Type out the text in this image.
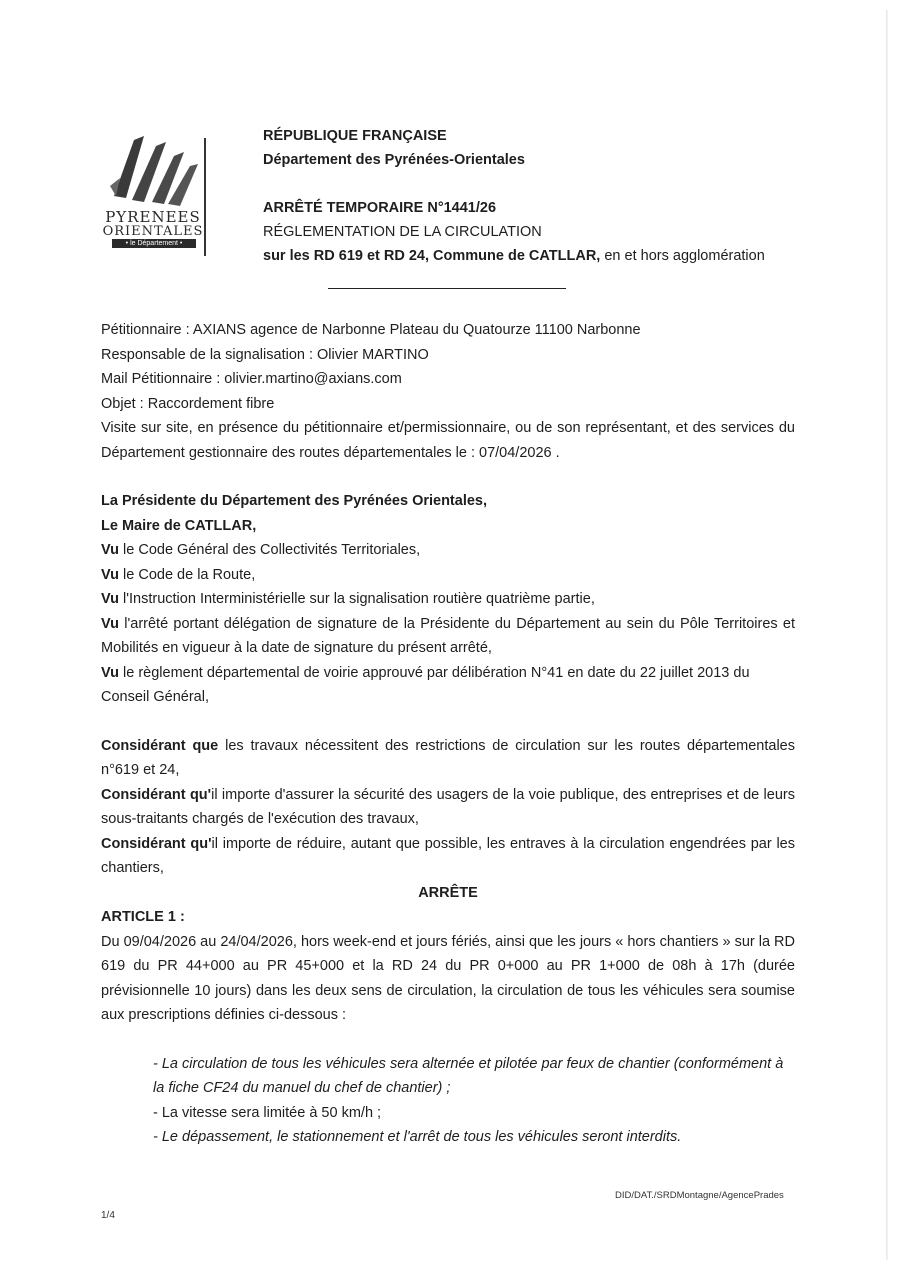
PYRENEES
ORIENTALES
• le Département •
RÉPUBLIQUE FRANÇAISE
Département des Pyrénées-Orientales
ARRÊTÉ TEMPORAIRE N°1441/26
RÉGLEMENTATION DE LA CIRCULATION
sur les RD 619 et RD 24, Commune de CATLLAR, en et hors agglomération

Pétitionnaire : AXIANS agence de Narbonne Plateau du Quatourze 11100 Narbonne

Responsable de la signalisation : Olivier MARTINO

Mail Pétitionnaire : olivier.martino@axians.com

Objet : Raccordement fibre

Visite sur site, en présence du pétitionnaire et/permissionnaire, ou de son représentant, et des services du Département gestionnaire des routes départementales le : 07/04/2026 .

La Présidente du Département des Pyrénées Orientales,

Le Maire de CATLLAR,

Vu le Code Général des Collectivités Territoriales,

Vu le Code de la Route,

Vu l'Instruction Interministérielle sur la signalisation routière quatrième partie,

Vu l'arrêté portant délégation de signature de la Présidente du Département au sein du Pôle Territoires et Mobilités en vigueur à la date de signature du présent arrêté,

Vu le règlement départemental de voirie approuvé par délibération N°41 en date du 22 juillet 2013 du Conseil Général,

Considérant que les travaux nécessitent des restrictions de circulation sur les routes départementales n°619 et 24,

Considérant qu'il importe d'assurer la sécurité des usagers de la voie publique, des entreprises et de leurs sous-traitants chargés de l'exécution des travaux,

Considérant qu'il importe de réduire, autant que possible, les entraves à la circulation engendrées par les chantiers,

ARRÊTE

ARTICLE 1 :

Du 09/04/2026 au 24/04/2026, hors week-end et jours fériés, ainsi que les jours « hors chantiers » sur la RD 619 du PR 44+000 au PR 45+000 et la RD 24 du PR 0+000 au PR 1+000 de 08h à 17h (durée prévisionnelle 10 jours) dans les deux sens de circulation, la circulation de tous les véhicules sera soumise aux prescriptions définies ci-dessous :

- La circulation de tous les véhicules sera alternée et pilotée par feux de chantier (conformément à la fiche CF24 du manuel du chef de chantier) ;

- La vitesse sera limitée à 50 km/h ;

- Le dépassement, le stationnement et l'arrêt de tous les véhicules seront interdits.

DID/DAT./SRDMontagne/AgencePrades
1/4
